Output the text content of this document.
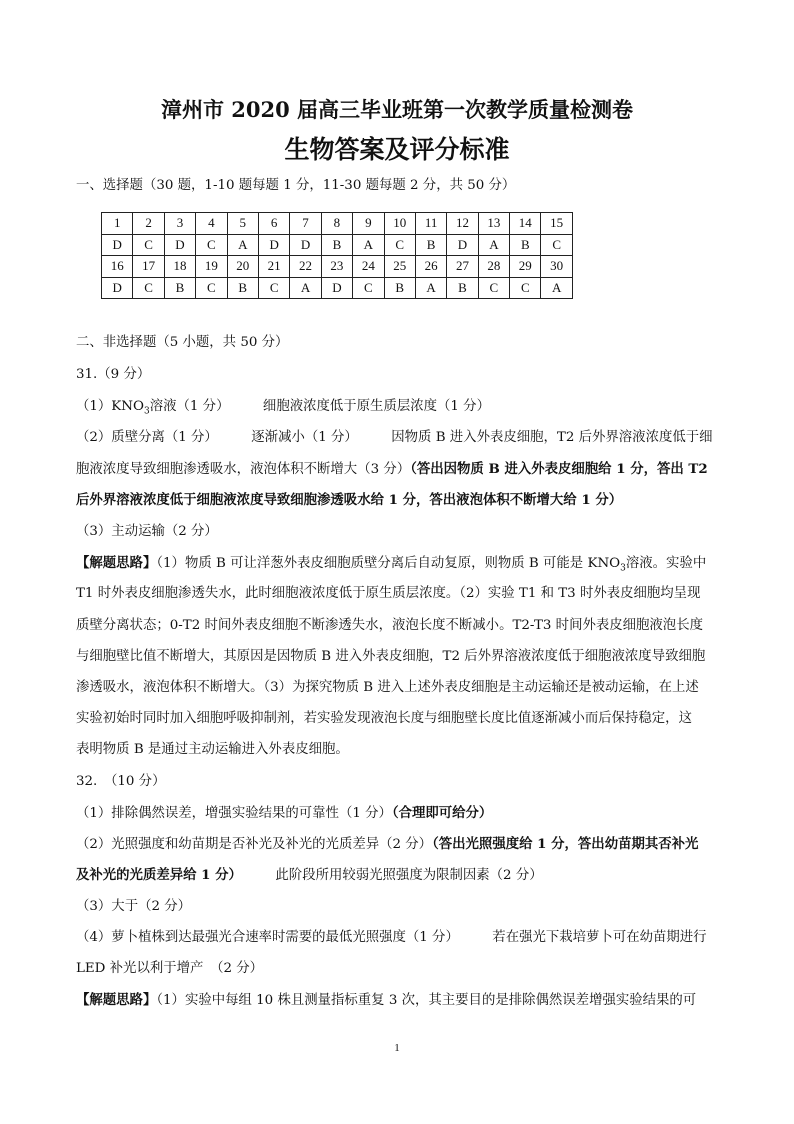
漳州市 2020 届高三毕业班第一次教学质量检测卷
生物答案及评分标准
一、选择题（30 题，1-10 题每题 1 分，11-30 题每题 2 分，共 50 分）
1	2	3	4	5	6	7	8	9	10	11	12	13	14	15
D	C	D	C	A	D	D	B	A	C	B	D	A	B	C
16	17	18	19	20	21	22	23	24	25	26	27	28	29	30
D	C	B	C	B	C	A	D	C	B	A	B	C	C	A
二、非选择题（5 小题，共 50 分）
31.（9 分）
$(1)KNO_3$溶液（1 分）　　　细胞液浓度低于原生质层浓度（1 分）
（2）质壁分离（1 分）　　　逐渐减小（1 分）　　　因物质 B 进入外表皮细胞，T2 后外界溶液浓度低于细
胞液浓度导致细胞渗透吸水，液泡体积不断增大（3 分）（答出因物质 B 进入外表皮细胞给 1 分，答出 T2
后外界溶液浓度低于细胞液浓度导致细胞渗透吸水给 1 分，答出液泡体积不断增大给 1 分）
（3）主动运输（2 分）
【解题思路】（1）物质 B 可让洋葱外表皮细胞质壁分离后自动复原，则物质 B 可能是 $KNO_3$溶液。实验中
T1 时外表皮细胞渗透失水，此时细胞液浓度低于原生质层浓度。（2）实验 T1 和 T3 时外表皮细胞均呈现
质壁分离状态；0-T2 时间外表皮细胞不断渗透失水，液泡长度不断减小。T2-T3 时间外表皮细胞液泡长度
与细胞壁比值不断增大，其原因是因物质 B 进入外表皮细胞，T2 后外界溶液浓度低于细胞液浓度导致细胞
渗透吸水，液泡体积不断增大。（3）为探究物质 B 进入上述外表皮细胞是主动运输还是被动运输，在上述
实验初始时同时加入细胞呼吸抑制剂，若实验发现液泡长度与细胞壁长度比值逐渐减小而后保持稳定，这
表明物质 B 是通过主动运输进入外表皮细胞。
32.　（10 分）
（1）排除偶然误差，增强实验结果的可靠性（1 分）（合理即可给分）
（2）光照强度和幼苗期是否补光及补光的光质差异（2 分）（答出光照强度给 1 分，答出幼苗期其否补光
及补光的光质差异给 1 分）　　　此阶段所用较弱光照强度为限制因素（2 分）
（3）大于（2 分）
（4）萝卜植株到达最强光合速率时需要的最低光照强度（1 分）　　　若在强光下栽培萝卜可在幼苗期进行
LED 补光以利于增产　（2 分）
【解题思路】（1）实验中每组 10 株且测量指标重复 3 次，其主要目的是排除偶然误差增强实验结果的可
1
